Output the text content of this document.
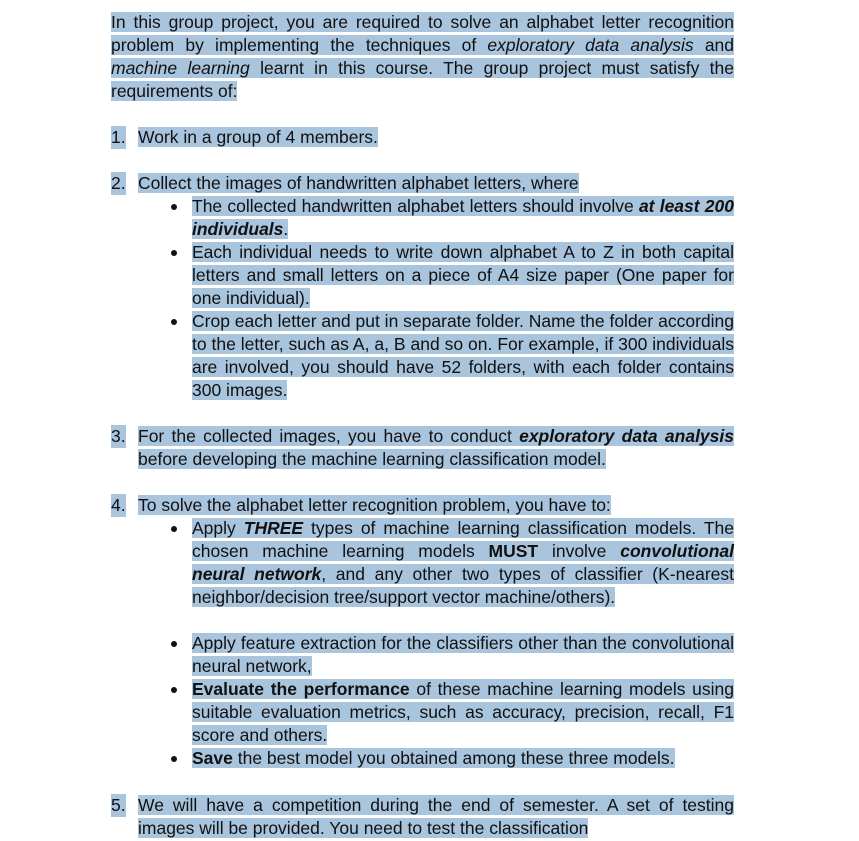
In this group project, you are required to solve an alphabet letter recognition problem by implementing the techniques of exploratory data analysis and machine learning learnt in this course. The group project must satisfy the requirements of:

1. Work in a group of 4 members.

2. Collect the images of handwritten alphabet letters, where

The collected handwritten alphabet letters should involve at least 200 individuals.

Each individual needs to write down alphabet A to Z in both capital letters and small letters on a piece of A4 size paper (One paper for one individual).

Crop each letter and put in separate folder. Name the folder according to the letter, such as A, a, B and so on. For example, if 300 individuals are involved, you should have 52 folders, with each folder contains 300 images.

3. For the collected images, you have to conduct exploratory data analysis before developing the machine learning classification model.

4. To solve the alphabet letter recognition problem, you have to:

Apply THREE types of machine learning classification models. The chosen machine learning models MUST involve convolutional neural network, and any other two types of classifier (K-nearest neighbor/decision tree/support vector machine/others).

Apply feature extraction for the classifiers other than the convolutional neural network,

Evaluate the performance of these machine learning models using suitable evaluation metrics, such as accuracy, precision, recall, F1 score and others.

Save the best model you obtained among these three models.

5. We will have a competition during the end of semester. A set of testing images will be provided. You need to test the classification
